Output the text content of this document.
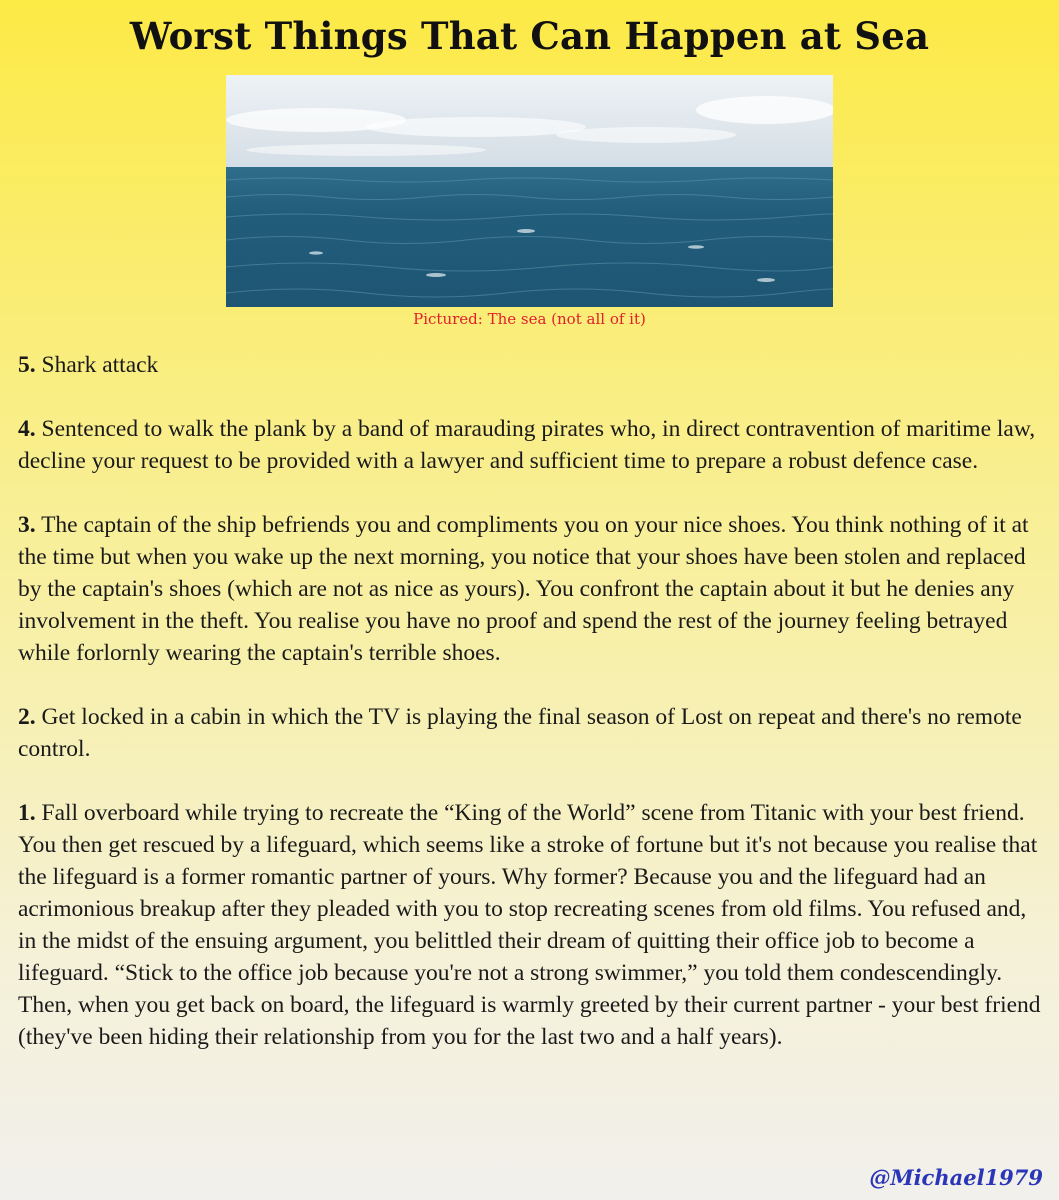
Worst Things That Can Happen at Sea
Pictured: The sea (not all of it)
5. Shark attack
4. Sentenced to walk the plank by a band of marauding pirates who, in direct contravention of maritime law, decline your request to be provided with a lawyer and sufficient time to prepare a robust defence case.
3. The captain of the ship befriends you and compliments you on your nice shoes. You think nothing of it at the time but when you wake up the next morning, you notice that your shoes have been stolen and replaced by the captain's shoes (which are not as nice as yours). You confront the captain about it but he denies any involvement in the theft. You realise you have no proof and spend the rest of the journey feeling betrayed while forlornly wearing the captain's terrible shoes.
2. Get locked in a cabin in which the TV is playing the final season of Lost on repeat and there's no remote control.
1. Fall overboard while trying to recreate the “King of the World” scene from Titanic with your best friend. You then get rescued by a lifeguard, which seems like a stroke of fortune but it's not because you realise that the lifeguard is a former romantic partner of yours. Why former? Because you and the lifeguard had an acrimonious breakup after they pleaded with you to stop recreating scenes from old films. You refused and, in the midst of the ensuing argument, you belittled their dream of quitting their office job to become a lifeguard. “Stick to the office job because you're not a strong swimmer,” you told them condescendingly. Then, when you get back on board, the lifeguard is warmly greeted by their current partner - your best friend (they've been hiding their relationship from you for the last two and a half years).
@Michael1979
